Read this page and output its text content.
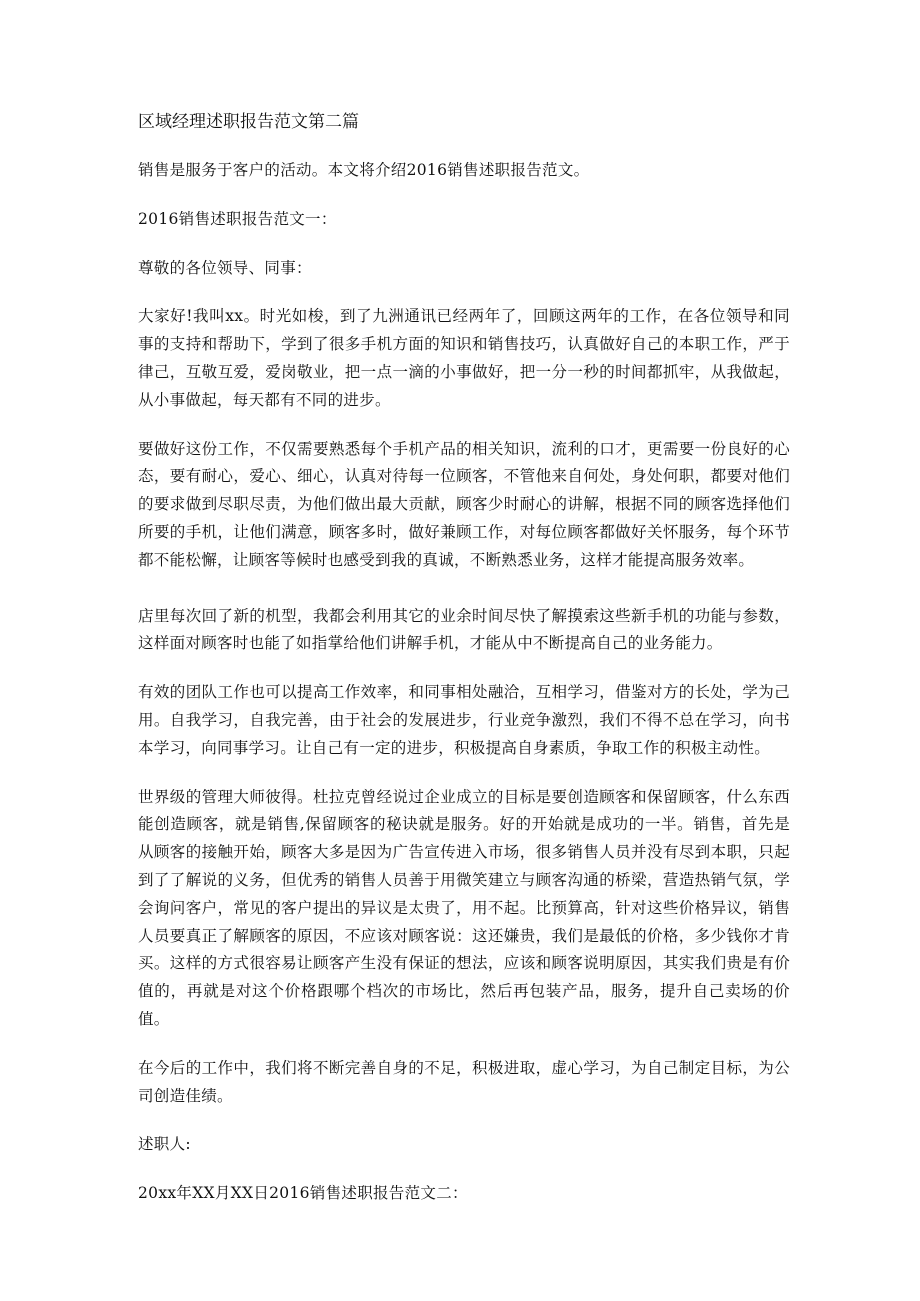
区域经理述职报告范文第二篇

销售是服务于客户的活动。本文将介绍2016销售述职报告范文。

2016销售述职报告范文一：

尊敬的各位领导、同事：

大家好!我叫xx。时光如梭，到了九洲通讯已经两年了，回顾这两年的工作，在各位领导和同事的支持和帮助下，学到了很多手机方面的知识和销售技巧，认真做好自己的本职工作，严于律己，互敬互爱，爱岗敬业，把一点一滴的小事做好，把一分一秒的时间都抓牢，从我做起，从小事做起，每天都有不同的进步。

要做好这份工作，不仅需要熟悉每个手机产品的相关知识，流利的口才，更需要一份良好的心态，要有耐心，爱心、细心，认真对待每一位顾客，不管他来自何处，身处何职，都要对他们的要求做到尽职尽责，为他们做出最大贡献，顾客少时耐心的讲解，根据不同的顾客选择他们所要的手机，让他们满意，顾客多时，做好兼顾工作，对每位顾客都做好关怀服务，每个环节都不能松懈，让顾客等候时也感受到我的真诚，不断熟悉业务，这样才能提高服务效率。

店里每次回了新的机型，我都会利用其它的业余时间尽快了解摸索这些新手机的功能与参数，这样面对顾客时也能了如指掌给他们讲解手机，才能从中不断提高自己的业务能力。

有效的团队工作也可以提高工作效率，和同事相处融洽，互相学习，借鉴对方的长处，学为己用。自我学习，自我完善，由于社会的发展进步，行业竞争激烈，我们不得不总在学习，向书本学习，向同事学习。让自己有一定的进步，积极提高自身素质，争取工作的积极主动性。

世界级的管理大师彼得。杜拉克曾经说过企业成立的目标是要创造顾客和保留顾客，什么东西能创造顾客，就是销售,保留顾客的秘诀就是服务。好的开始就是成功的一半。销售，首先是从顾客的接触开始，顾客大多是因为广告宣传进入市场，很多销售人员并没有尽到本职，只起到了了解说的义务，但优秀的销售人员善于用微笑建立与顾客沟通的桥梁，营造热销气氛，学会询问客户，常见的客户提出的异议是太贵了，用不起。比预算高，针对这些价格异议，销售人员要真正了解顾客的原因，不应该对顾客说：这还嫌贵，我们是最低的价格，多少钱你才肯买。这样的方式很容易让顾客产生没有保证的想法，应该和顾客说明原因，其实我们贵是有价值的，再就是对这个价格跟哪个档次的市场比，然后再包装产品，服务，提升自己卖场的价值。

在今后的工作中，我们将不断完善自身的不足，积极进取，虚心学习，为自己制定目标，为公司创造佳绩。

述职人:

20xx年XX月XX日2016销售述职报告范文二：
